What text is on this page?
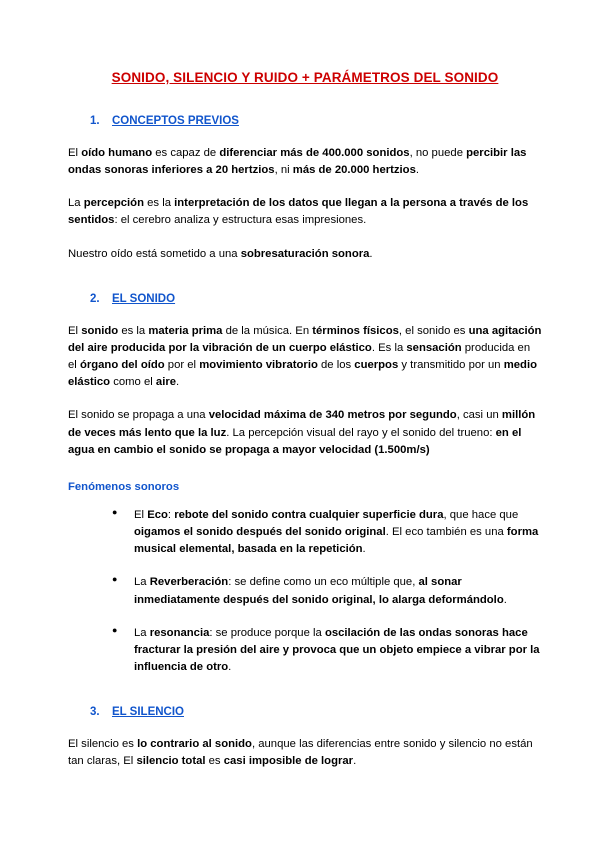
SONIDO, SILENCIO Y RUIDO + PARÁMETROS DEL SONIDO
1.	CONCEPTOS PREVIOS

El oído humano es capaz de diferenciar más de 400.000 sonidos, no puede percibir las ondas sonoras inferiores a 20 hertzios, ni más de 20.000 hertzios.

La percepción es la interpretación de los datos que llegan a la persona a través de los sentidos: el cerebro analiza y estructura esas impresiones.

Nuestro oído está sometido a una sobresaturación sonora.

2.	EL SONIDO

El sonido es la materia prima de la música. En términos físicos, el sonido es una agitación del aire producida por la vibración de un cuerpo elástico. Es la sensación producida en el órgano del oído por el movimiento vibratorio de los cuerpos y transmitido por un medio elástico como el aire.

El sonido se propaga a una velocidad máxima de 340 metros por segundo, casi un millón de veces más lento que la luz. La percepción visual del rayo y el sonido del trueno: en el agua en cambio el sonido se propaga a mayor velocidad (1.500m/s)

Fenómenos sonoros

● El Eco: rebote del sonido contra cualquier superficie dura, que hace que oigamos el sonido después del sonido original. El eco también es una forma musical elemental, basada en la repetición.
● La Reverberación: se define como un eco múltiple que, al sonar inmediatamente después del sonido original, lo alarga deformándolo.
● La resonancia: se produce porque la oscilación de las ondas sonoras hace fracturar la presión del aire y provoca que un objeto empiece a vibrar por la influencia de otro.
3.	EL SILENCIO

El silencio es lo contrario al sonido, aunque las diferencias entre sonido y silencio no están tan claras, El silencio total es casi imposible de lograr.
